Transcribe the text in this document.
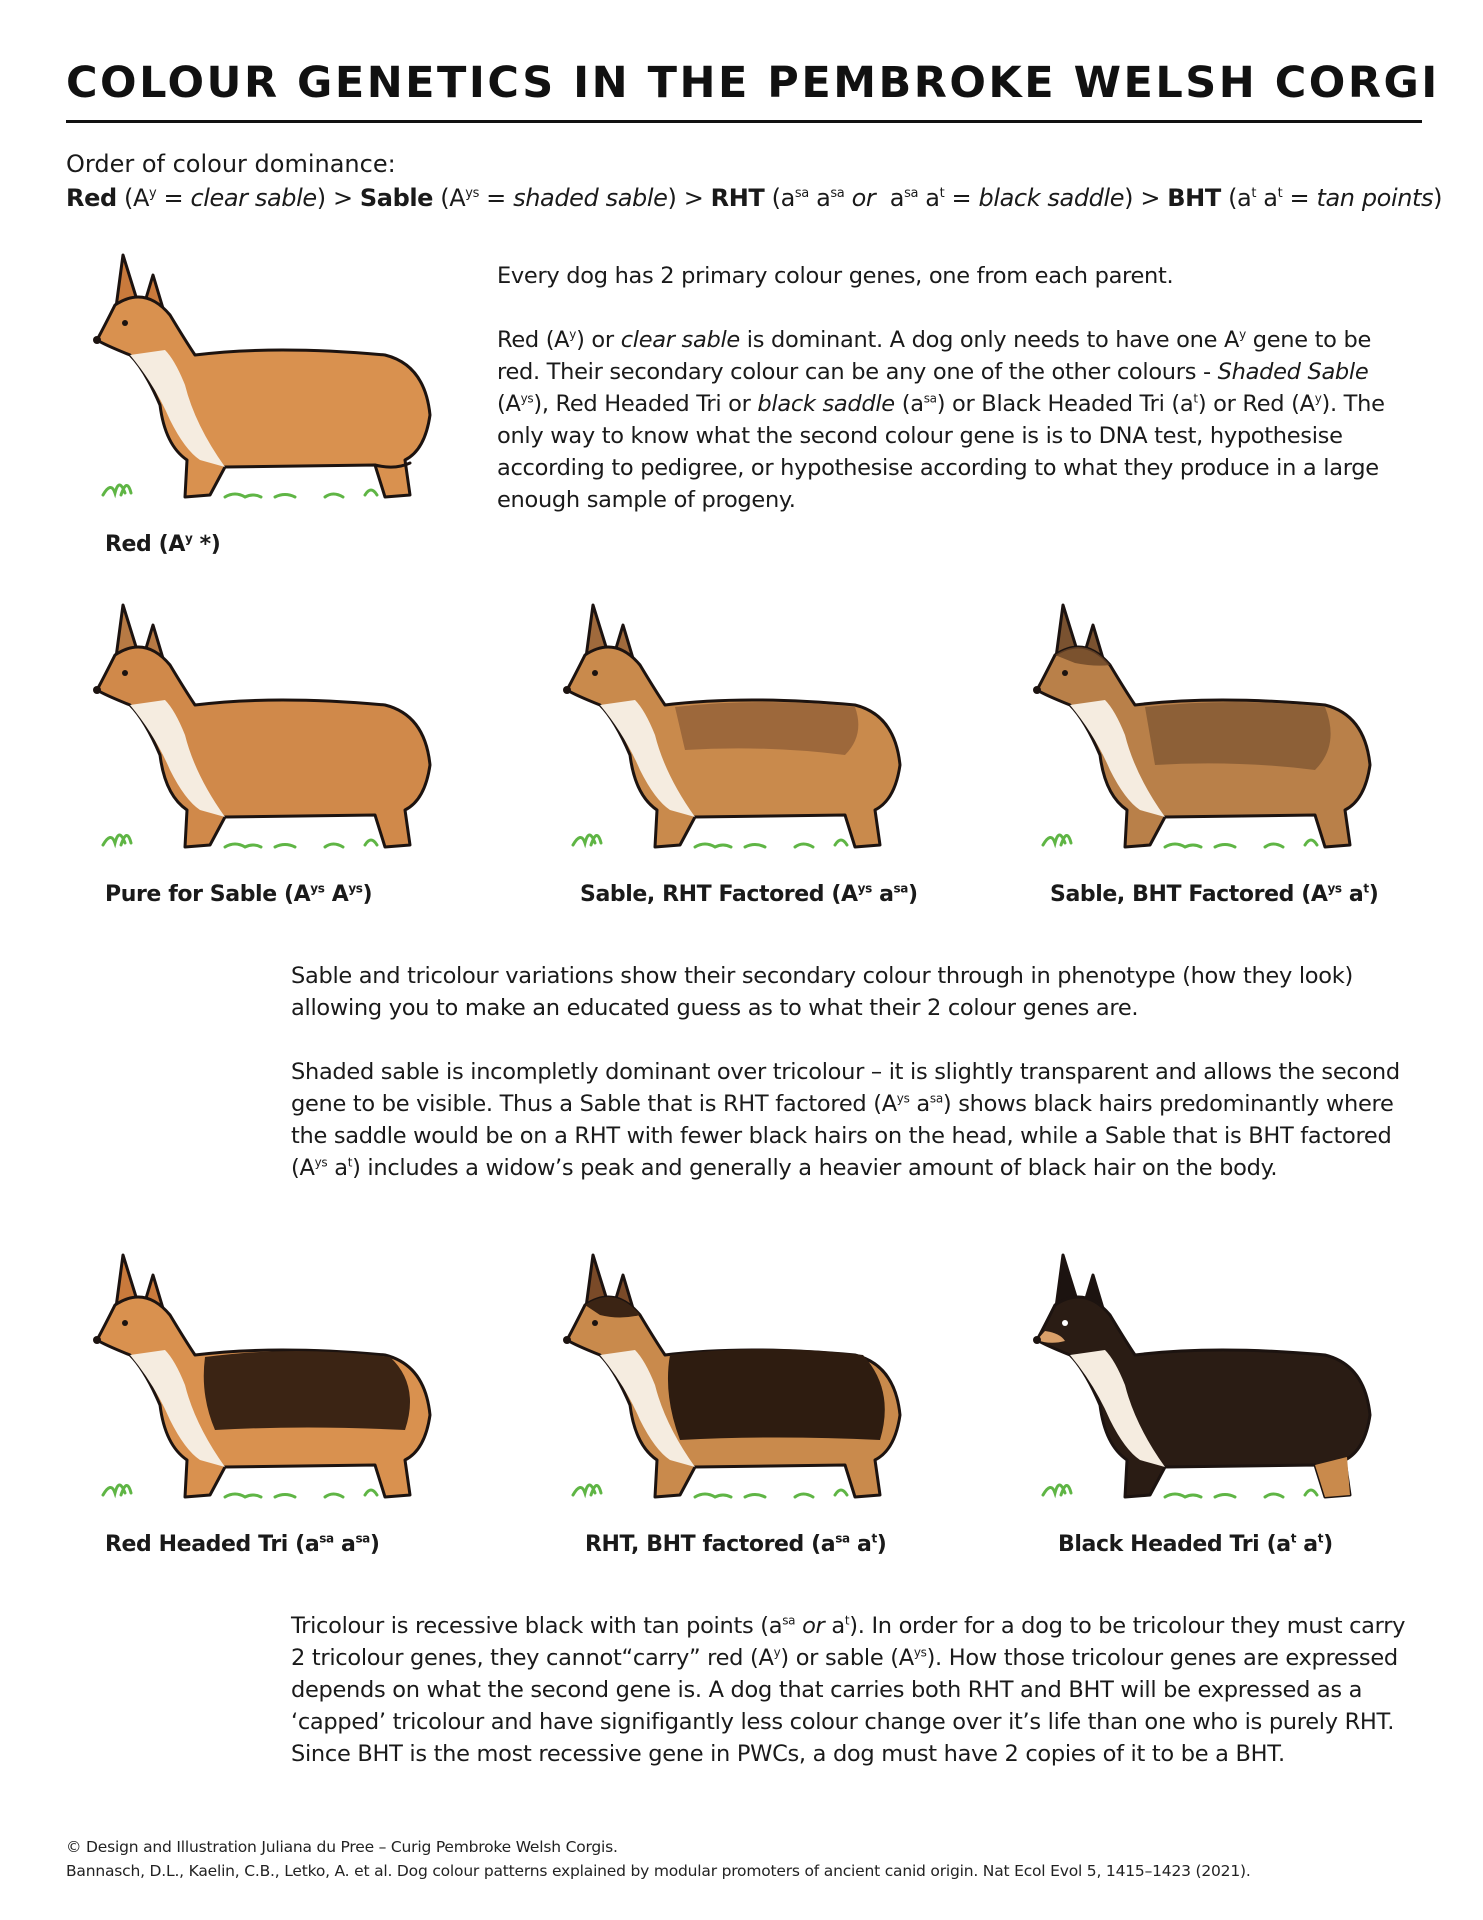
COLOUR GENETICS IN THE PEMBROKE WELSH CORGI
Order of colour dominance:
Red ($A^y$ = clear sable) > Sable ($A^{ys}$ = shaded sable) > RHT ($a^{sa}$ $a^{sa}$ or  $a^{sa}$ $a^t$ = black saddle) > BHT ($a^t$ $a^t = \tan$ points)
Red ($A^y$ *)

Every dog has 2 primary colour genes, one from each parent.

Red $(A^y)$ or clear sable is dominant. A dog only needs to have one $A^y$ gene to be red. Their secondary colour can be any one of the other colours - Shaded Sable $(A^{ys})$, Red Headed Tri or black saddle $(a^{sa})$ or Black Headed Tri $(a^t)$ or Red $(A^y)$. The only way to know what the second colour gene is is to DNA test, hypothesise according to pedigree, or hypothesise according to what they produce in a large enough sample of progeny.

Pure for Sable ($A^{ys}$ $A^{ys}$)	Sable, RHT Factored ($A^{ys}$ $a^{sa}$)	Sable, BHT Factored ($A^{ys}$ $a^t$)

Sable and tricolour variations show their secondary colour through in phenotype (how they look) allowing you to make an educated guess as to what their 2 colour genes are.

Shaded sable is incompletly dominant over tricolour – it is slightly transparent and allows the second gene to be visible. Thus a Sable that is RHT factored ($A^{ys}$ $a^{sa}$) shows black hairs predominantly where the saddle would be on a RHT with fewer black hairs on the head, while a Sable that is BHT factored ($A^{ys}$ $a^t$) includes a widow’s peak and generally a heavier amount of black hair on the body.

Red Headed Tri ($a^{sa}$ $a^{sa}$)	RHT, BHT factored ($a^{sa}$ $a^t$)	Black Headed Tri ($a^t$ $a^t$)

Tricolour is recessive black with tan points ($a^{sa}$ or $a^t$). In order for a dog to be tricolour they must carry 2 tricolour genes, they cannot“carry” red $(A^y)$ or sable $(A^{ys})$. How those tricolour genes are expressed depends on what the second gene is. A dog that carries both RHT and BHT will be expressed as a ‘capped’ tricolour and have signifigantly less colour change over it’s life than one who is purely RHT. Since BHT is the most recessive gene in PWCs, a dog must have 2 copies of it to be a BHT.

© Design and Illustration Juliana du Pree – Curig Pembroke Welsh Corgis.
Bannasch, D.L., Kaelin, C.B., Letko, A. et al. Dog colour patterns explained by modular promoters of ancient canid origin. Nat Ecol Evol 5, 1415–1423 (2021).
